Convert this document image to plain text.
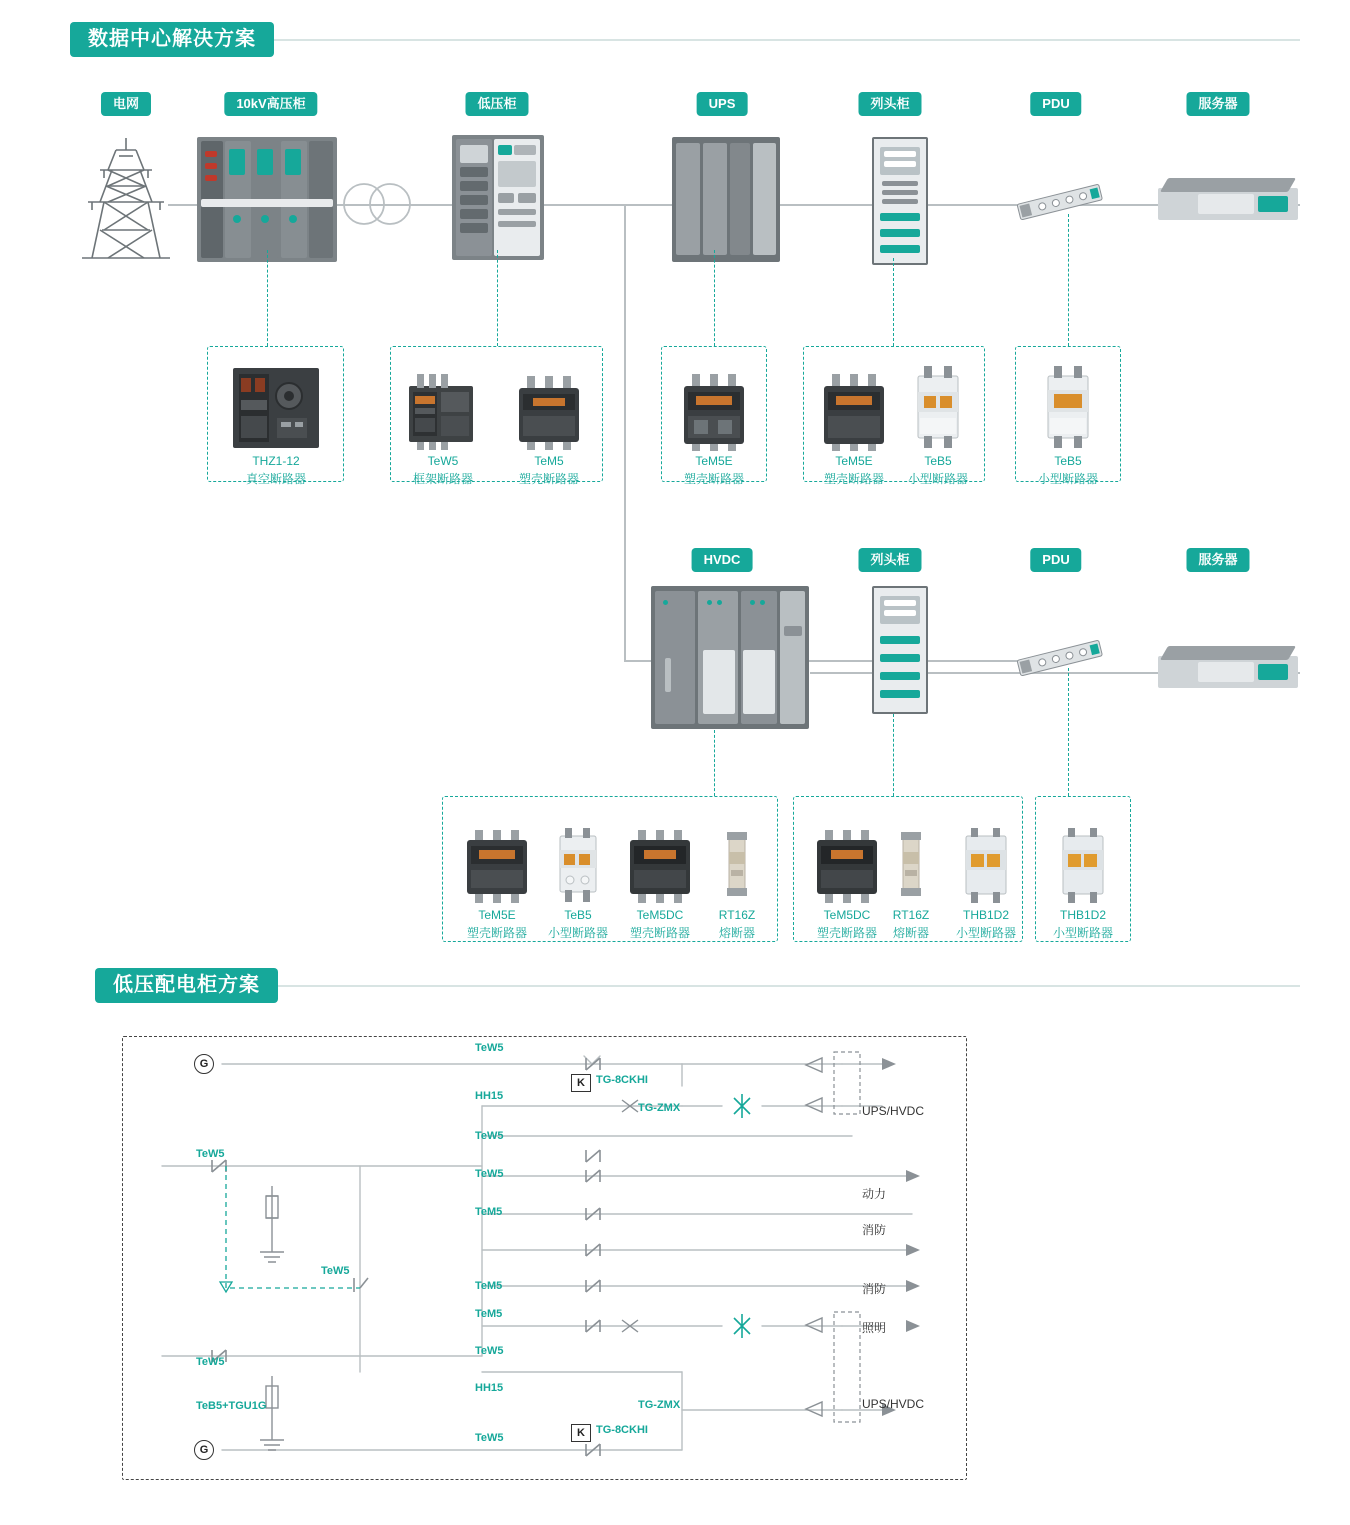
数据中心解决方案
电网	10kV高压柜	低压柜	UPS	列头柜	PDU	服务器
THZ1-12
真空断路器
TeW5
框架断路器
TeM5
塑壳断路器
TeM5E
塑壳断路器
TeM5E
塑壳断路器
TeB5
小型断路器
TeB5
小型断路器
HVDC	列头柜	PDU	服务器
TeM5E
塑壳断路器
TeB5
小型断路器
TeM5DC
塑壳断路器
RT16Z
熔断器
TeM5DC
塑壳断路器
RT16Z
熔断器
THB1D2
小型断路器
THB1D2
小型断路器
低压配电柜方案
G
G
K
K
TeW5
HH15
TG-8CKHI
TG-ZMX
TeW5
TeW5
TeW5
TeM5
TeW5
TeM5
TeM5
TeW5
HH15
TG-ZMX
TeW5
TG-8CKHI
TeW5
TeB5+TGU1G
UPS/HVDC
动力
消防
消防
照明
UPS/HVDC
